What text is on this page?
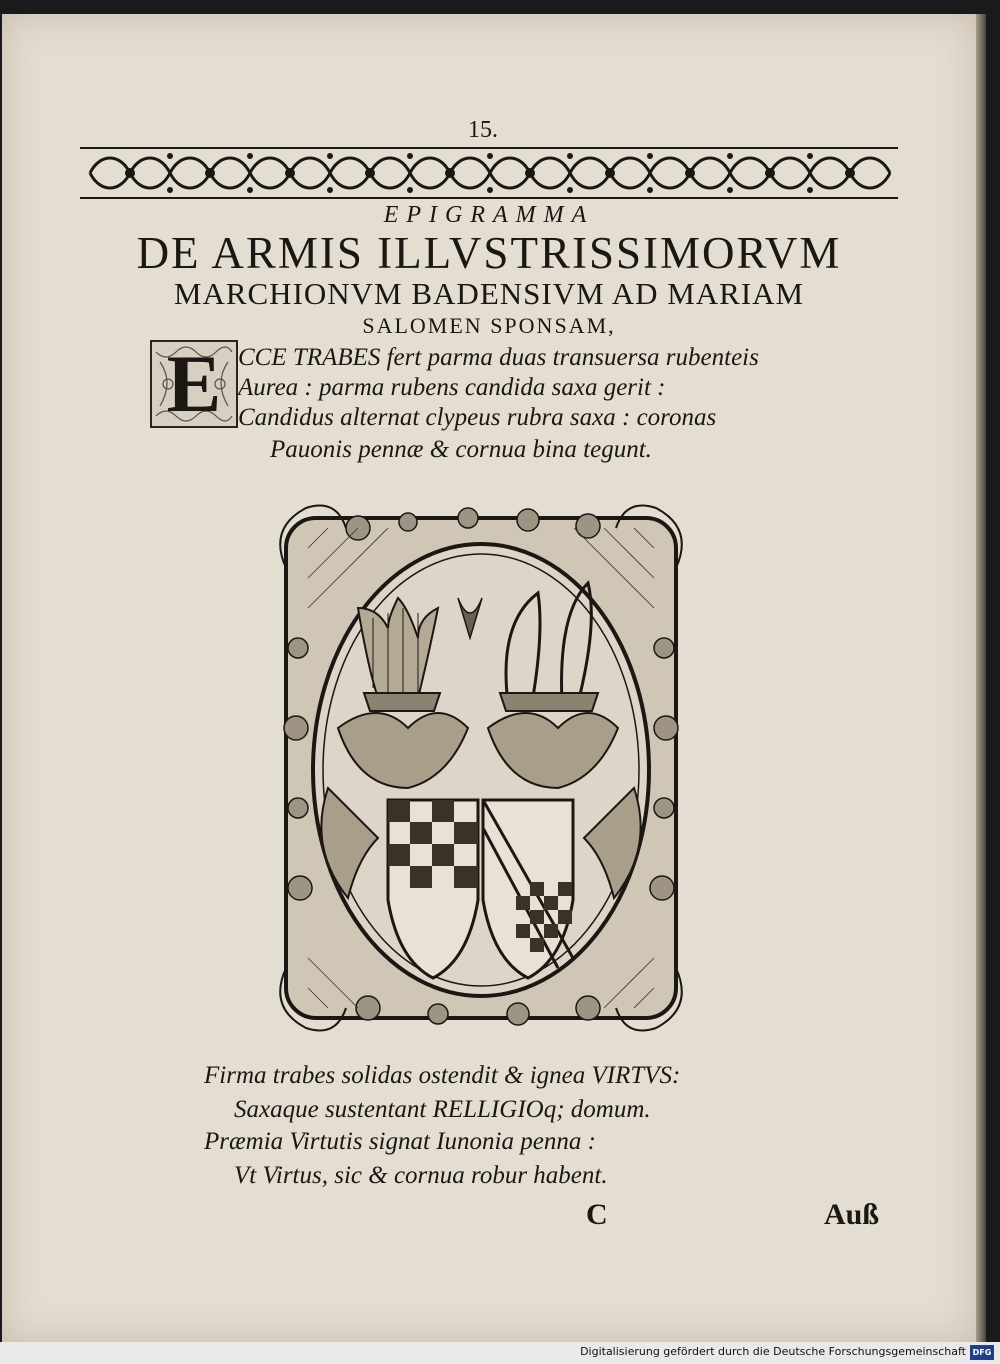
15.
EPIGRAMMA
DE ARMIS ILLVSTRISSIMORVM
MARCHIONVM BADENSIVM AD MARIAM
SALOMEN SPONSAM,
E CCE TRABES fert parma duas transuersa rubenteis
Aurea : parma rubens candida saxa gerit :
Candidus alternat clypeus rubra saxa : coronas
Pauonis pennæ & cornua bina tegunt.
Firma trabes solidas ostendit & ignea VIRTVS:
Saxaque sustentant RELLIGIOq; domum.
Præmia Virtutis signat Iunonia penna :
Vt Virtus, sic & cornua robur habent.
C	Auß
Digitalisierung gefördert durch die Deutsche Forschungsgemeinschaft DFG
